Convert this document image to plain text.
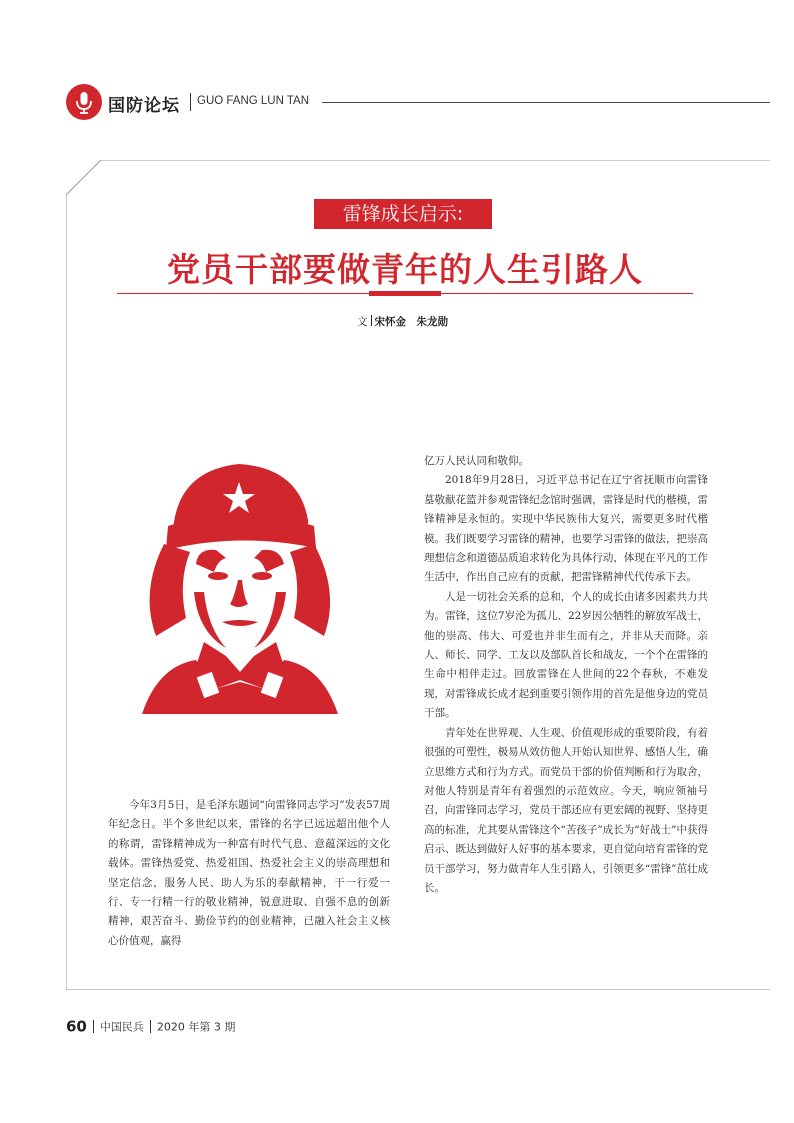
国防论坛 GUO FANG LUN TAN
雷锋成长启示:
党员干部要做青年的人生引路人
文 宋怀金　朱龙勋

今年3月5日，是毛泽东题词“向雷锋同志学习”发表57周年纪念日。半个多世纪以来，雷锋的名字已远远超出他个人的称谓，雷锋精神成为一种富有时代气息、意蕴深远的文化载体。雷锋热爱党、热爱祖国、热爱社会主义的崇高理想和坚定信念，服务人民、助人为乐的奉献精神，干一行爱一行、专一行精一行的敬业精神，锐意进取、自强不息的创新精神，艰苦奋斗、勤俭节约的创业精神，已融入社会主义核心价值观，赢得

亿万人民认同和敬仰。

2018年9月28日，习近平总书记在辽宁省抚顺市向雷锋墓敬献花篮并参观雷锋纪念馆时强调，雷锋是时代的楷模，雷锋精神是永恒的。实现中华民族伟大复兴，需要更多时代楷模。我们既要学习雷锋的精神，也要学习雷锋的做法，把崇高理想信念和道德品质追求转化为具体行动，体现在平凡的工作生活中，作出自己应有的贡献，把雷锋精神代代传承下去。

人是一切社会关系的总和，个人的成长由诸多因素共力共为。雷锋，这位7岁沦为孤儿、22岁因公牺牲的解放军战士，他的崇高、伟大、可爱也并非生而有之，并非从天而降。亲人、师长、同学、工友以及部队首长和战友，一个个在雷锋的生命中相伴走过。回放雷锋在人世间的22个春秋，不难发现，对雷锋成长成才起到重要引领作用的首先是他身边的党员干部。

青年处在世界观、人生观、价值观形成的重要阶段，有着很强的可塑性，极易从效仿他人开始认知世界、感悟人生，确立思维方式和行为方式。而党员干部的价值判断和行为取舍，对他人特别是青年有着强烈的示范效应。今天，响应领袖号召，向雷锋同志学习，党员干部还应有更宏阔的视野、坚持更高的标准，尤其要从雷锋这个“苦孩子”成长为“好战士”中获得启示、既达到做好人好事的基本要求，更自觉向培育雷锋的党员干部学习，努力做青年人生引路人，引领更多“雷锋”茁壮成长。

60 中国民兵 2020 年第 3 期
